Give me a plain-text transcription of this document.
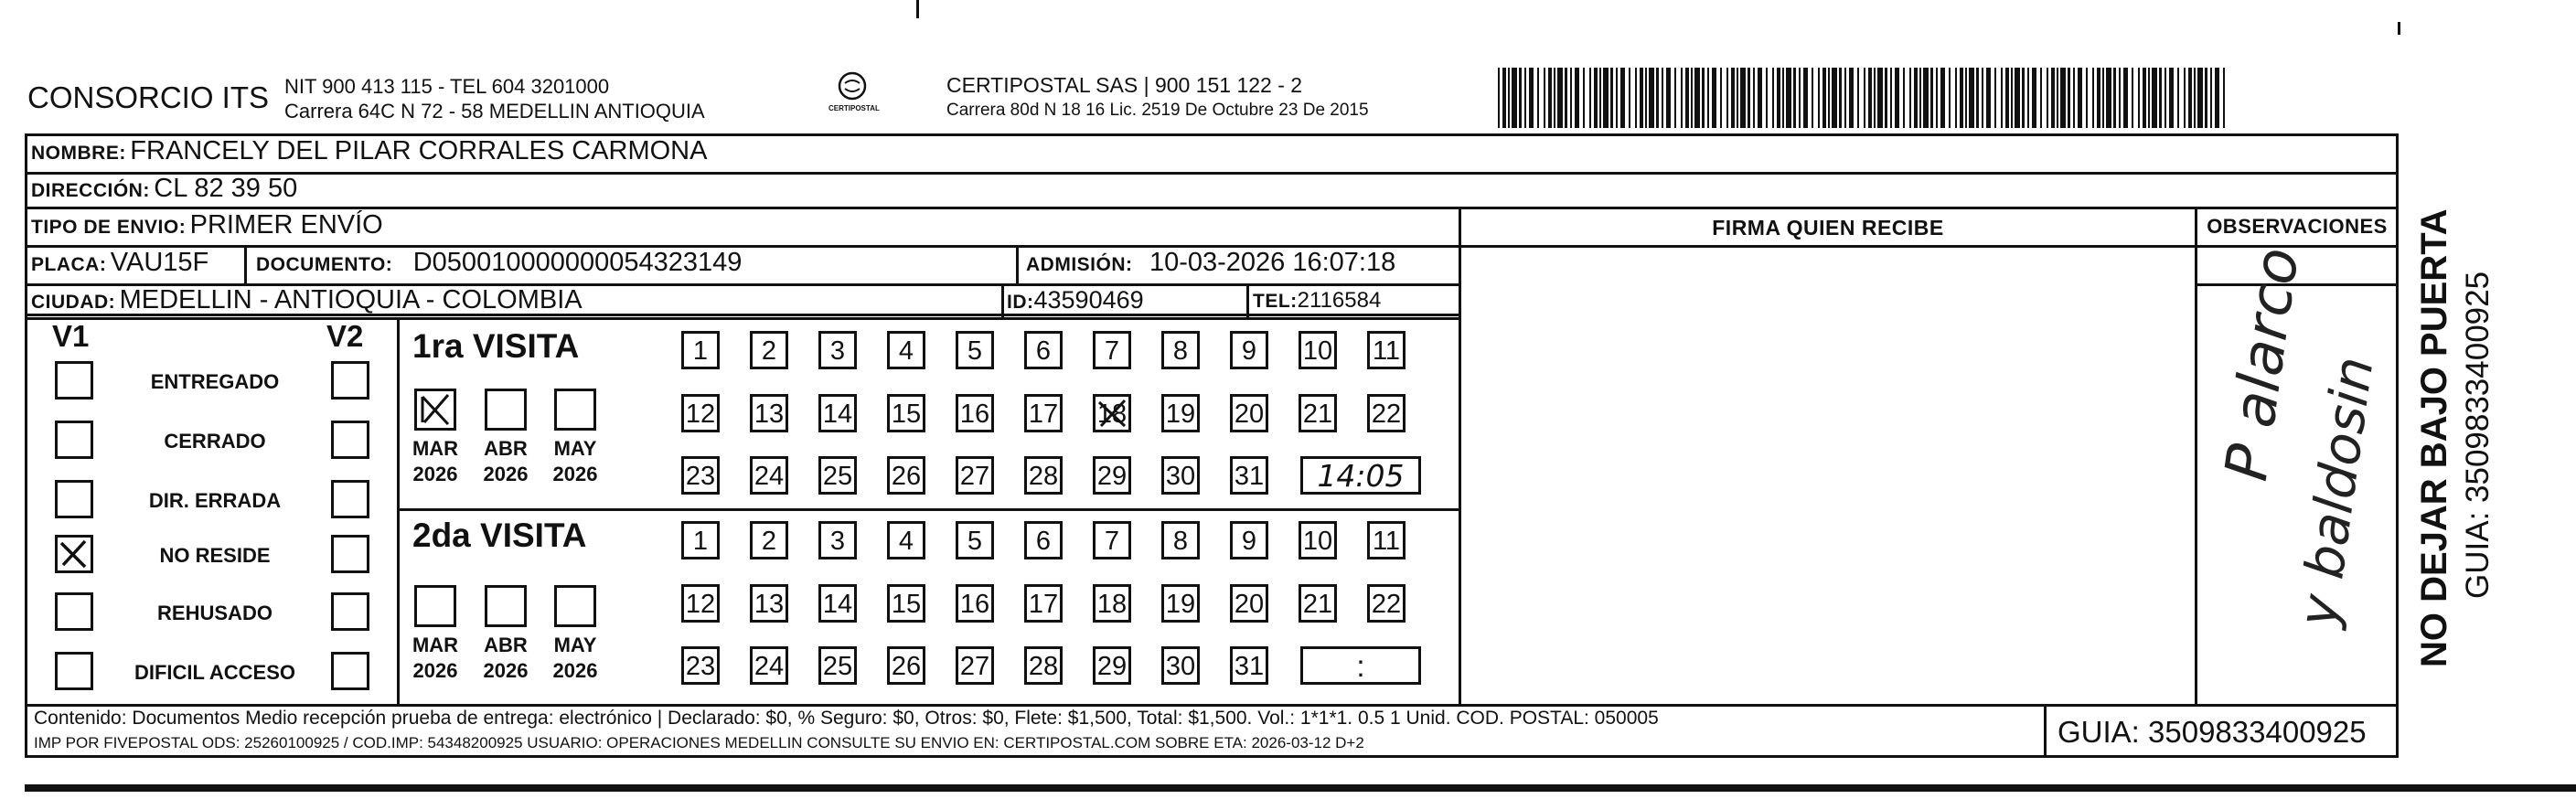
CONSORCIO ITS NIT 900 413 115 - TEL 604 3201000
Carrera 64C N 72 - 58 MEDELLIN ANTIOQUIA	CERTIPOSTAL
CERTIPOSTAL SAS | 900 151 122 - 2
Carrera 80d N 18 16 Lic. 2519 De Octubre 23 De 2015
NOMBRE: FRANCELY DEL PILAR CORRALES CARMONA
DIRECCIÓN: CL 82 39 50
TIPO DE ENVIO: PRIMER ENVÍO	FIRMA QUIEN RECIBE	OBSERVACIONES
PLACA: VAU15F DOCUMENTO: D050010000000054323149	ADMISIÓN: 10-03-2026 16:07:18
CIUDAD: MEDELLIN - ANTIOQUIA - COLOMBIA	ID:43590469	TEL:2116584
V1	V2
ENTREGADO
CERRADO
DIR. ERRADA
NO RESIDE
REHUSADO
DIFICIL ACCESO
1ra VISITA
2da VISITA
1	2	3	4	5	6	7	8	9	10 11
12 13 14 15 16 17 18 19 20 21 22
23 24 25 26 27 28 29 30 31	14:05
MAR
2026
ABR
2026
MAY
2026
1	2	3	4	5	6	7	8	9	10 11
12 13 14 15 16 17 18 19 20 21 22
23 24 25 26 27 28 29 30 31	:
MAR
2026
ABR
2026
MAY
2026
P alarco
y baldosin
Contenido: Documentos Medio recepción prueba de entrega: electrónico | Declarado: $0, % Seguro: $0, Otros: $0, Flete: $1,500, Total: $1,500. Vol.: 1*1*1. 0.5 1 Unid. COD. POSTAL: 050005
IMP POR FIVEPOSTAL ODS: 25260100925 / COD.IMP: 54348200925 USUARIO: OPERACIONES MEDELLIN CONSULTE SU ENVIO EN: CERTIPOSTAL.COM SOBRE ETA: 2026-03-12 D+2	GUIA: 3509833400925
NO DEJAR BAJO PUERTA GUIA: 3509833400925
